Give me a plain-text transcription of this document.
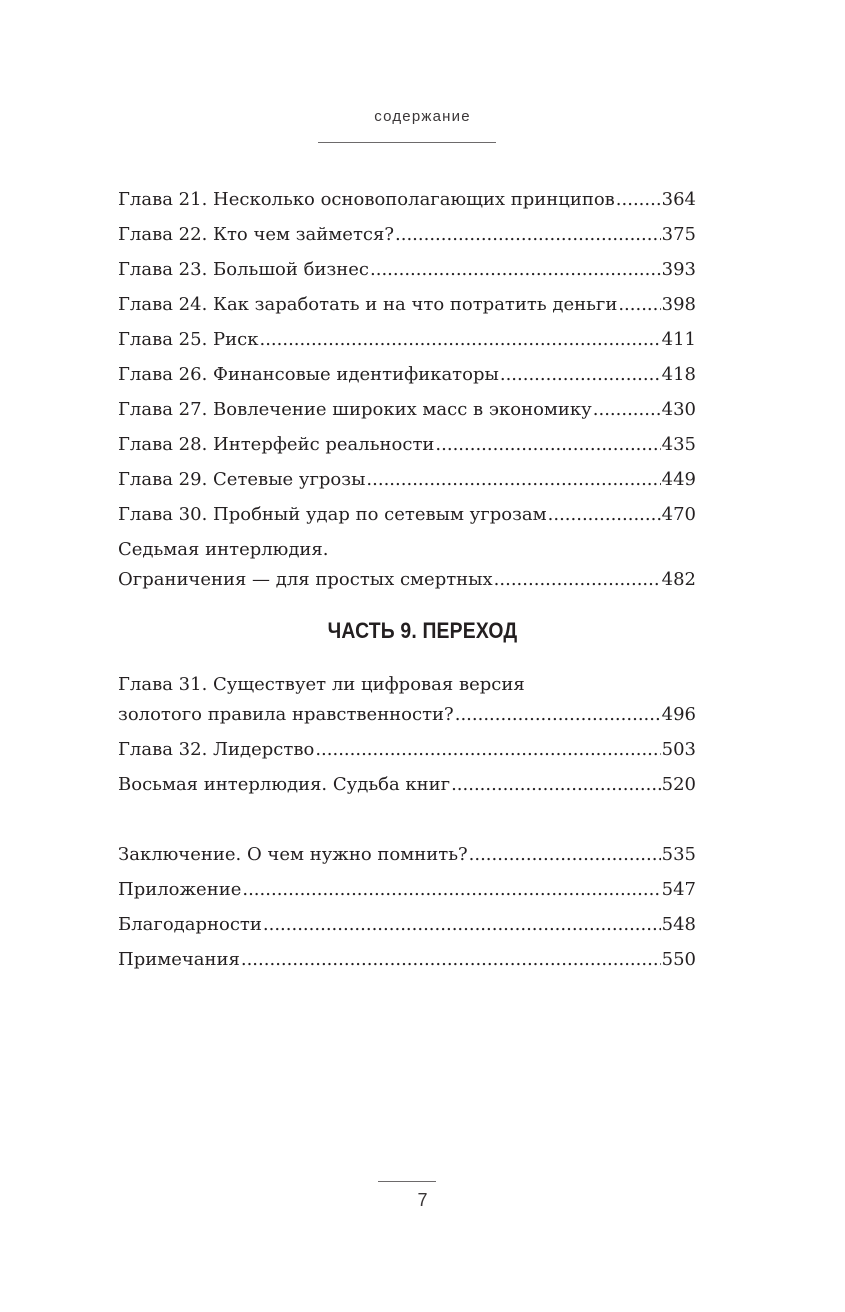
содержание
Глава 21. Несколько основополагающих принципов .....	364
Глава 22. Кто чем займется? .....	375
Глава 23. Большой бизнес .....	393
Глава 24. Как заработать и на что потратить деньги ..... 398
Глава 25. Риск .....	411
Глава 26. Финансовые идентификаторы .....	418
Глава 27. Вовлечение широких масс в экономику .....	430
Глава 28. Интерфейс реальности .....	435
Глава 29. Сетевые угрозы .....	449
Глава 30. Пробный удар по сетевым угрозам .....	470
Седьмая интерлюдия.
Ограничения — для простых смертных .....	482
Глава 31. Существует ли цифровая версия
золотого правила нравственности? .....	496
Глава 32. Лидерство .....	503
Восьмая интерлюдия. Судьба книг .....	520
Заключение. О чем нужно помнить? .....	535
Приложение .....	547
Благодарности .....	548
Примечания .....	550
ЧАСТЬ 9. ПЕРЕХОД
7
